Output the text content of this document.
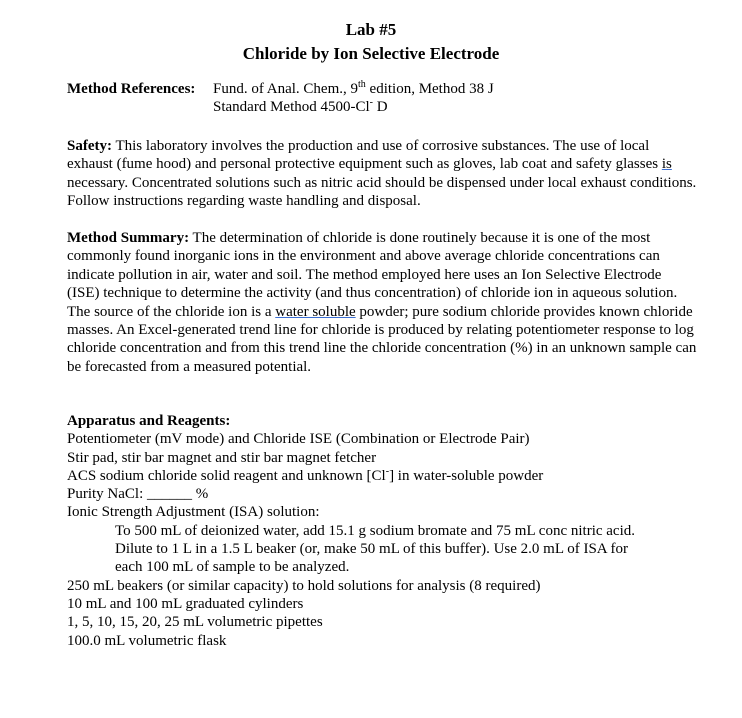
Lab #5
Chloride by Ion Selective Electrode
Method References:	Fund. of Anal. Chem., 9th edition, Method 38 J
Standard Method 4500-Cl- D
Safety: This laboratory involves the production and use of corrosive substances. The use of local exhaust (fume hood) and personal protective equipment such as gloves, lab coat and safety glasses is necessary. Concentrated solutions such as nitric acid should be dispensed under local exhaust conditions. Follow instructions regarding waste handling and disposal.
Method Summary: The determination of chloride is done routinely because it is one of the most commonly found inorganic ions in the environment and above average chloride concentrations can indicate pollution in air, water and soil. The method employed here uses an Ion Selective Electrode (ISE) technique to determine the activity (and thus concentration) of chloride ion in aqueous solution. The source of the chloride ion is a water soluble powder; pure sodium chloride provides known chloride masses. An Excel-generated trend line for chloride is produced by relating potentiometer response to log chloride concentration and from this trend line the chloride concentration (%) in an unknown sample can be forecasted from a measured potential.
Apparatus and Reagents:
Potentiometer (mV mode) and Chloride ISE (Combination or Electrode Pair)
Stir pad, stir bar magnet and stir bar magnet fetcher
ACS sodium chloride solid reagent and unknown [Cl-] in water-soluble powder
Purity NaCl: ______ %
Ionic Strength Adjustment (ISA) solution:
To 500 mL of deionized water, add 15.1 g sodium bromate and 75 mL conc nitric acid.
Dilute to 1 L in a 1.5 L beaker (or, make 50 mL of this buffer). Use 2.0 mL of ISA for
each 100 mL of sample to be analyzed.
250 mL beakers (or similar capacity) to hold solutions for analysis (8 required)
10 mL and 100 mL graduated cylinders
1, 5, 10, 15, 20, 25 mL volumetric pipettes
100.0 mL volumetric flask
